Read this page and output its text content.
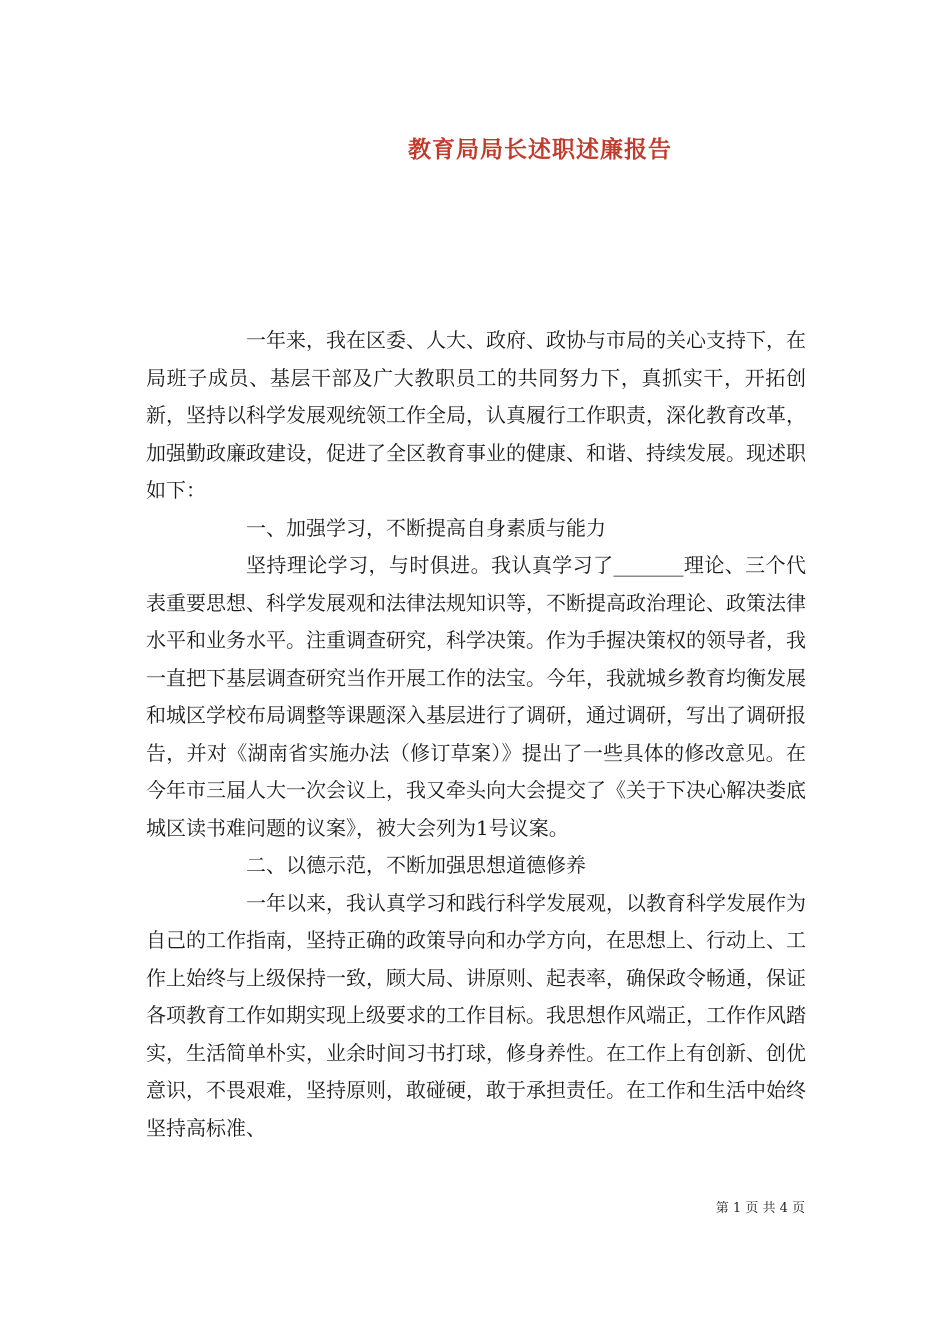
教育局局长述职述廉报告

一年来，我在区委、人大、政府、政协与市局的关心支持下，在局班子成员、基层干部及广大教职员工的共同努力下，真抓实干，开拓创新，坚持以科学发展观统领工作全局，认真履行工作职责，深化教育改革，加强勤政廉政建设，促进了全区教育事业的健康、和谐、持续发展。现述职如下：

一、加强学习，不断提高自身素质与能力

坚持理论学习，与时俱进。我认真学习了_______理论、三个代表重要思想、科学发展观和法律法规知识等，不断提高政治理论、政策法律水平和业务水平。注重调查研究，科学决策。作为手握决策权的领导者，我一直把下基层调查研究当作开展工作的法宝。今年，我就城乡教育均衡发展和城区学校布局调整等课题深入基层进行了调研，通过调研，写出了调研报告，并对《湖南省实施办法（修订草案）》提出了一些具体的修改意见。在今年市三届人大一次会议上，我又牵头向大会提交了《关于下决心解决娄底城区读书难问题的议案》，被大会列为1号议案。

二、以德示范，不断加强思想道德修养

一年以来，我认真学习和践行科学发展观，以教育科学发展作为自己的工作指南，坚持正确的政策导向和办学方向，在思想上、行动上、工作上始终与上级保持一致，顾大局、讲原则、起表率，确保政令畅通，保证各项教育工作如期实现上级要求的工作目标。我思想作风端正，工作作风踏实，生活简单朴实，业余时间习书打球，修身养性。在工作上有创新、创优意识，不畏艰难，坚持原则，敢碰硬，敢于承担责任。在工作和生活中始终坚持高标准、

第 1 页 共 4 页
